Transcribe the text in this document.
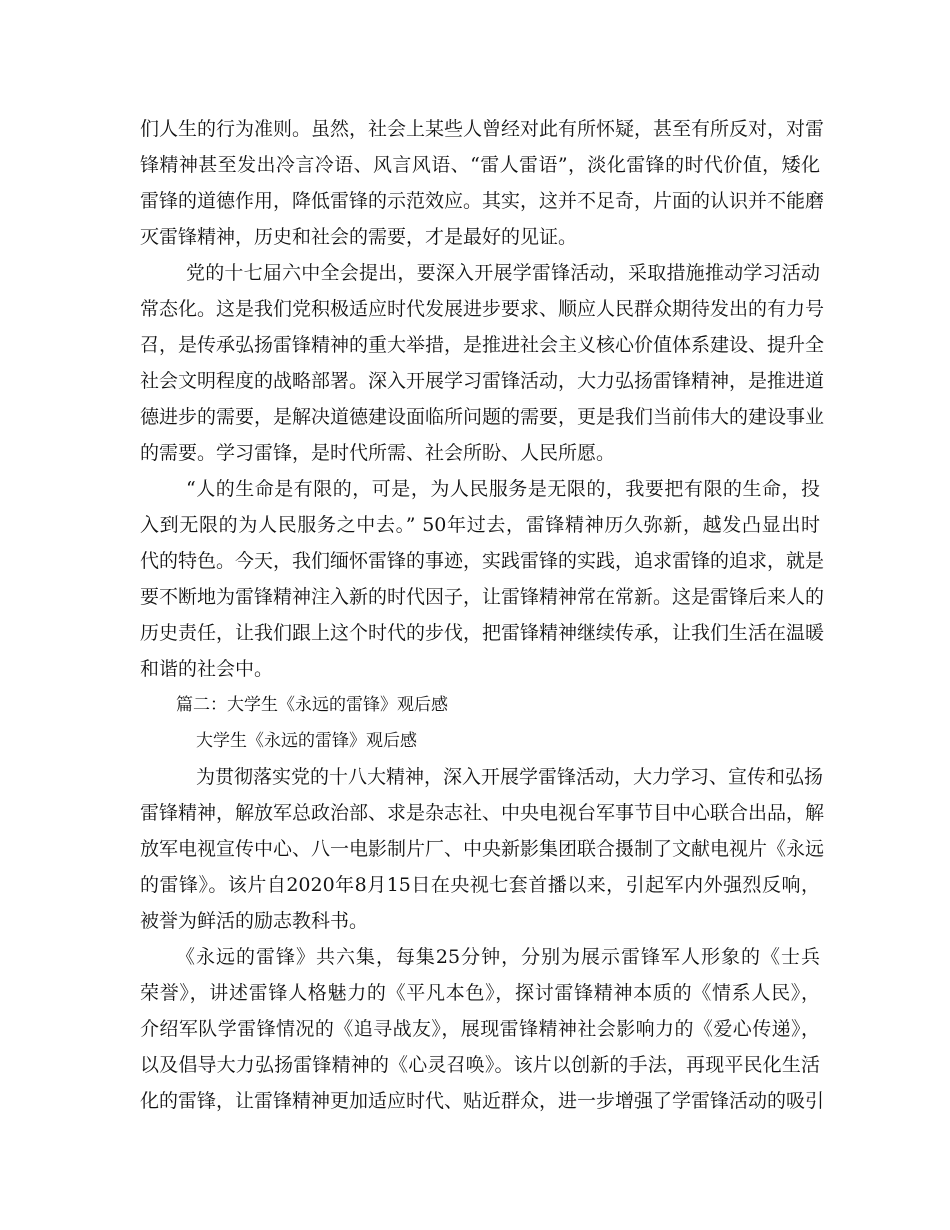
们人生的行为准则。虽然，社会上某些人曾经对此有所怀疑，甚至有所反对，对雷
锋精神甚至发出冷言冷语、风言风语、“雷人雷语”，淡化雷锋的时代价值，矮化
雷锋的道德作用，降低雷锋的示范效应。其实，这并不足奇，片面的认识并不能磨
灭雷锋精神，历史和社会的需要，才是最好的见证。
党的十七届六中全会提出，要深入开展学雷锋活动，采取措施推动学习活动
常态化。这是我们党积极适应时代发展进步要求、顺应人民群众期待发出的有力号
召，是传承弘扬雷锋精神的重大举措，是推进社会主义核心价值体系建设、提升全
社会文明程度的战略部署。深入开展学习雷锋活动，大力弘扬雷锋精神，是推进道
德进步的需要，是解决道德建设面临所问题的需要，更是我们当前伟大的建设事业
的需要。学习雷锋，是时代所需、社会所盼、人民所愿。
“人的生命是有限的，可是，为人民服务是无限的，我要把有限的生命，投
入到无限的为人民服务之中去。” 50年过去，雷锋精神历久弥新，越发凸显出时
代的特色。今天，我们缅怀雷锋的事迹，实践雷锋的实践，追求雷锋的追求，就是
要不断地为雷锋精神注入新的时代因子，让雷锋精神常在常新。这是雷锋后来人的
历史责任，让我们跟上这个时代的步伐，把雷锋精神继续传承，让我们生活在温暖
和谐的社会中。
篇二：大学生《永远的雷锋》观后感
大学生《永远的雷锋》观后感
为贯彻落实党的十八大精神，深入开展学雷锋活动，大力学习、宣传和弘扬
雷锋精神，解放军总政治部、求是杂志社、中央电视台军事节目中心联合出品，解
放军电视宣传中心、八一电影制片厂、中央新影集团联合摄制了文献电视片《永远
的雷锋》。该片自2020年8月15日在央视七套首播以来，引起军内外强烈反响，
被誉为鲜活的励志教科书。
《永远的雷锋》共六集，每集25分钟，分别为展示雷锋军人形象的《士兵
荣誉》，讲述雷锋人格魅力的《平凡本色》，探讨雷锋精神本质的《情系人民》，
介绍军队学雷锋情况的《追寻战友》，展现雷锋精神社会影响力的《爱心传递》，
以及倡导大力弘扬雷锋精神的《心灵召唤》。该片以创新的手法，再现平民化生活
化的雷锋，让雷锋精神更加适应时代、贴近群众，进一步增强了学雷锋活动的吸引
